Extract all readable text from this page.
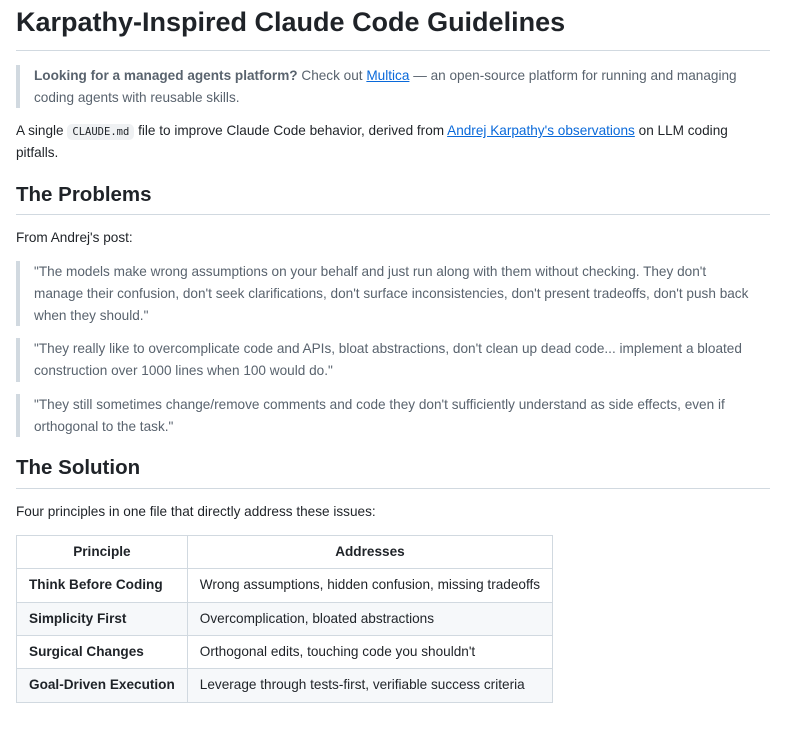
Karpathy-Inspired Claude Code Guidelines

Looking for a managed agents platform? Check out Multica — an open-source platform for running and managing coding agents with reusable skills.

A single CLAUDE.md file to improve Claude Code behavior, derived from Andrej Karpathy's observations on LLM coding pitfalls.

The Problems

From Andrej's post:

"The models make wrong assumptions on your behalf and just run along with them without checking. They don't manage their confusion, don't seek clarifications, don't surface inconsistencies, don't present tradeoffs, don't push back when they should."

"They really like to overcomplicate code and APIs, bloat abstractions, don't clean up dead code... implement a bloated construction over 1000 lines when 100 would do."

"They still sometimes change/remove comments and code they don't sufficiently understand as side effects, even if orthogonal to the task."

The Solution

Four principles in one file that directly address these issues:

Principle	Addresses
Think Before Coding	Wrong assumptions, hidden confusion, missing tradeoffs
Simplicity First	Overcomplication, bloated abstractions
Surgical Changes	Orthogonal edits, touching code you shouldn't
Goal-Driven Execution	Leverage through tests-first, verifiable success criteria
